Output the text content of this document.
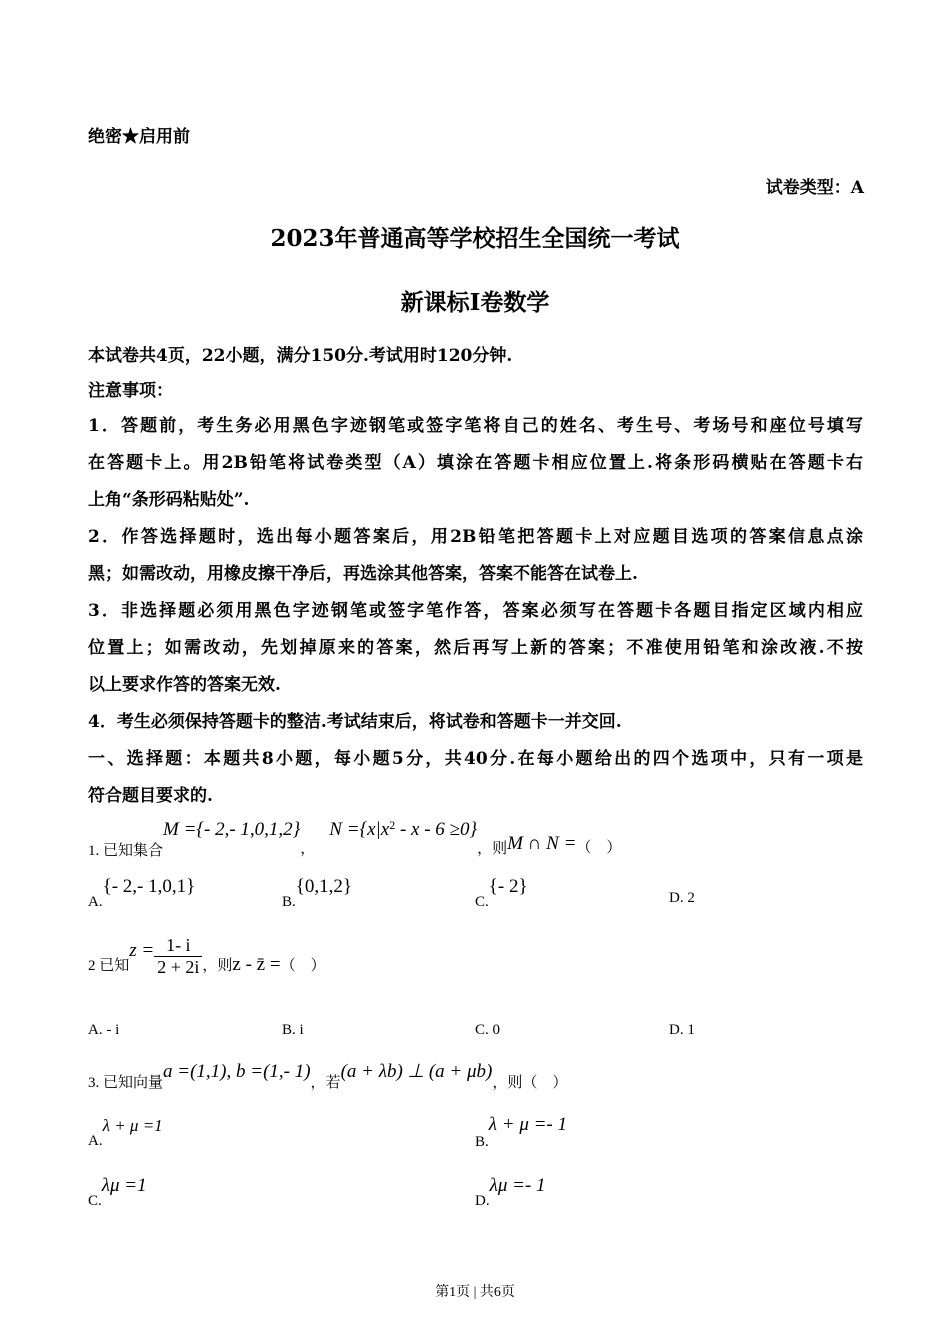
绝密★启用前
试卷类型：A
2023年普通高等学校招生全国统一考试
新课标Ⅰ卷数学
本试卷共4页，22小题，满分150分.考试用时120分钟.
注意事项：
1．答题前，考生务必用黑色字迹钢笔或签字笔将自己的姓名、考生号、考场号和座位号填写
在答题卡上。用2B铅笔将试卷类型（A）填涂在答题卡相应位置上.将条形码横贴在答题卡右
上角“条形码粘贴处”.
2．作答选择题时，选出每小题答案后，用2B铅笔把答题卡上对应题目选项的答案信息点涂
黑；如需改动，用橡皮擦干净后，再选涂其他答案，答案不能答在试卷上.
3．非选择题必须用黑色字迹钢笔或签字笔作答，答案必须写在答题卡各题目指定区域内相应
位置上；如需改动，先划掉原来的答案，然后再写上新的答案；不准使用铅笔和涂改液.不按
以上要求作答的答案无效.
4．考生必须保持答题卡的整洁.考试结束后，将试卷和答题卡一并交回.
一、选择题：本题共8小题，每小题5分，共40分.在每小题给出的四个选项中，只有一项是
符合题目要求的.
1. 已知集合M ={- 2,- 1,0,1,2}，$N =\{x|x^2 - x - 6 \ge 0\}$，则M ∩ N =（　）
A.{- 2,- 1,0,1}
B.{0,1,2}
C.{- 2}
D. 2
2 已知$z = \frac{1- i}{2 + 2i}$ ，则z - z̄ =（　）
A. - i	B. i	C. 0	D. 1
3. 已知向量a =(1,1), b =(1,- 1)，若(a + λb) ⊥ (a + μb)，则（　）
A.λ + μ =1
B.λ + μ =- 1
C.λμ =1
D.λμ =- 1
第1页 | 共6页
